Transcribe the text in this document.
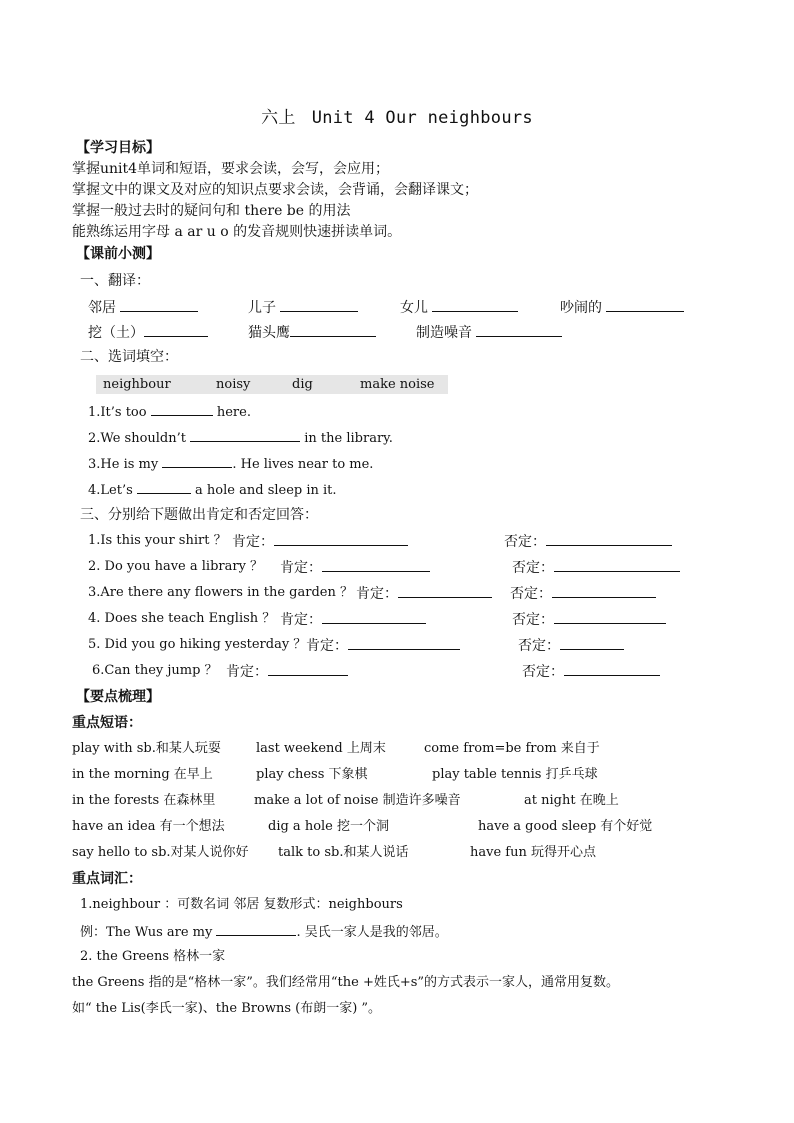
六上 Unit 4 Our neighbours
【学习目标】
掌握unit4单词和短语，要求会读，会写，会应用；
掌握文中的课文及对应的知识点要求会读，会背诵，会翻译课文；
掌握一般过去时的疑问句和 there be 的用法
能熟练运用字母 a ar u o 的发音规则快速拼读单词。
【课前小测】
一、翻译：
邻居	儿子	女儿	吵闹的
挖（土）	猫头鹰	制造噪音
二、选词填空：
neighbour	noisy	dig	make noise
1.It’s too	here.
2.We shouldn’t	in the library.
3.He is my	. He lives near to me.
4.Let’s	a hole and sleep in it.
三、分别给下题做出肯定和否定回答：
1.Is this your shirt ？ 肯定：	否定：
2. Do you have a library ？ 肯定：	否定：
3.Are there any flowers in the garden ？ 肯定：	否定：
4. Does she teach English ？ 肯定：	否定：
5. Did you go hiking yesterday ？ 肯定：	否定：
6.Can they jump ？ 肯定：	否定：
【要点梳理】
重点短语：
play with sb.和某人玩耍	last weekend 上周末	come from=be from 来自于
in the morning 在早上	play chess 下象棋	play table tennis 打乒乓球
in the forests 在森林里	make a lot of noise 制造许多噪音	at night 在晚上
have an idea 有一个想法	dig a hole 挖一个洞	have a good sleep 有个好觉
say hello to sb.对某人说你好 talk to sb.和某人说话	have fun 玩得开心点
重点词汇：
1.neighbour ：可数名词 邻居 复数形式：neighbours
例：The Wus are my	. 吴氏一家人是我的邻居。
2. the Greens 格林一家
the Greens 指的是“格林一家”。我们经常用“the +姓氏+s”的方式表示一家人，通常用复数。
如“ the Lis(李氏一家)、the Browns (布朗一家) ”。
